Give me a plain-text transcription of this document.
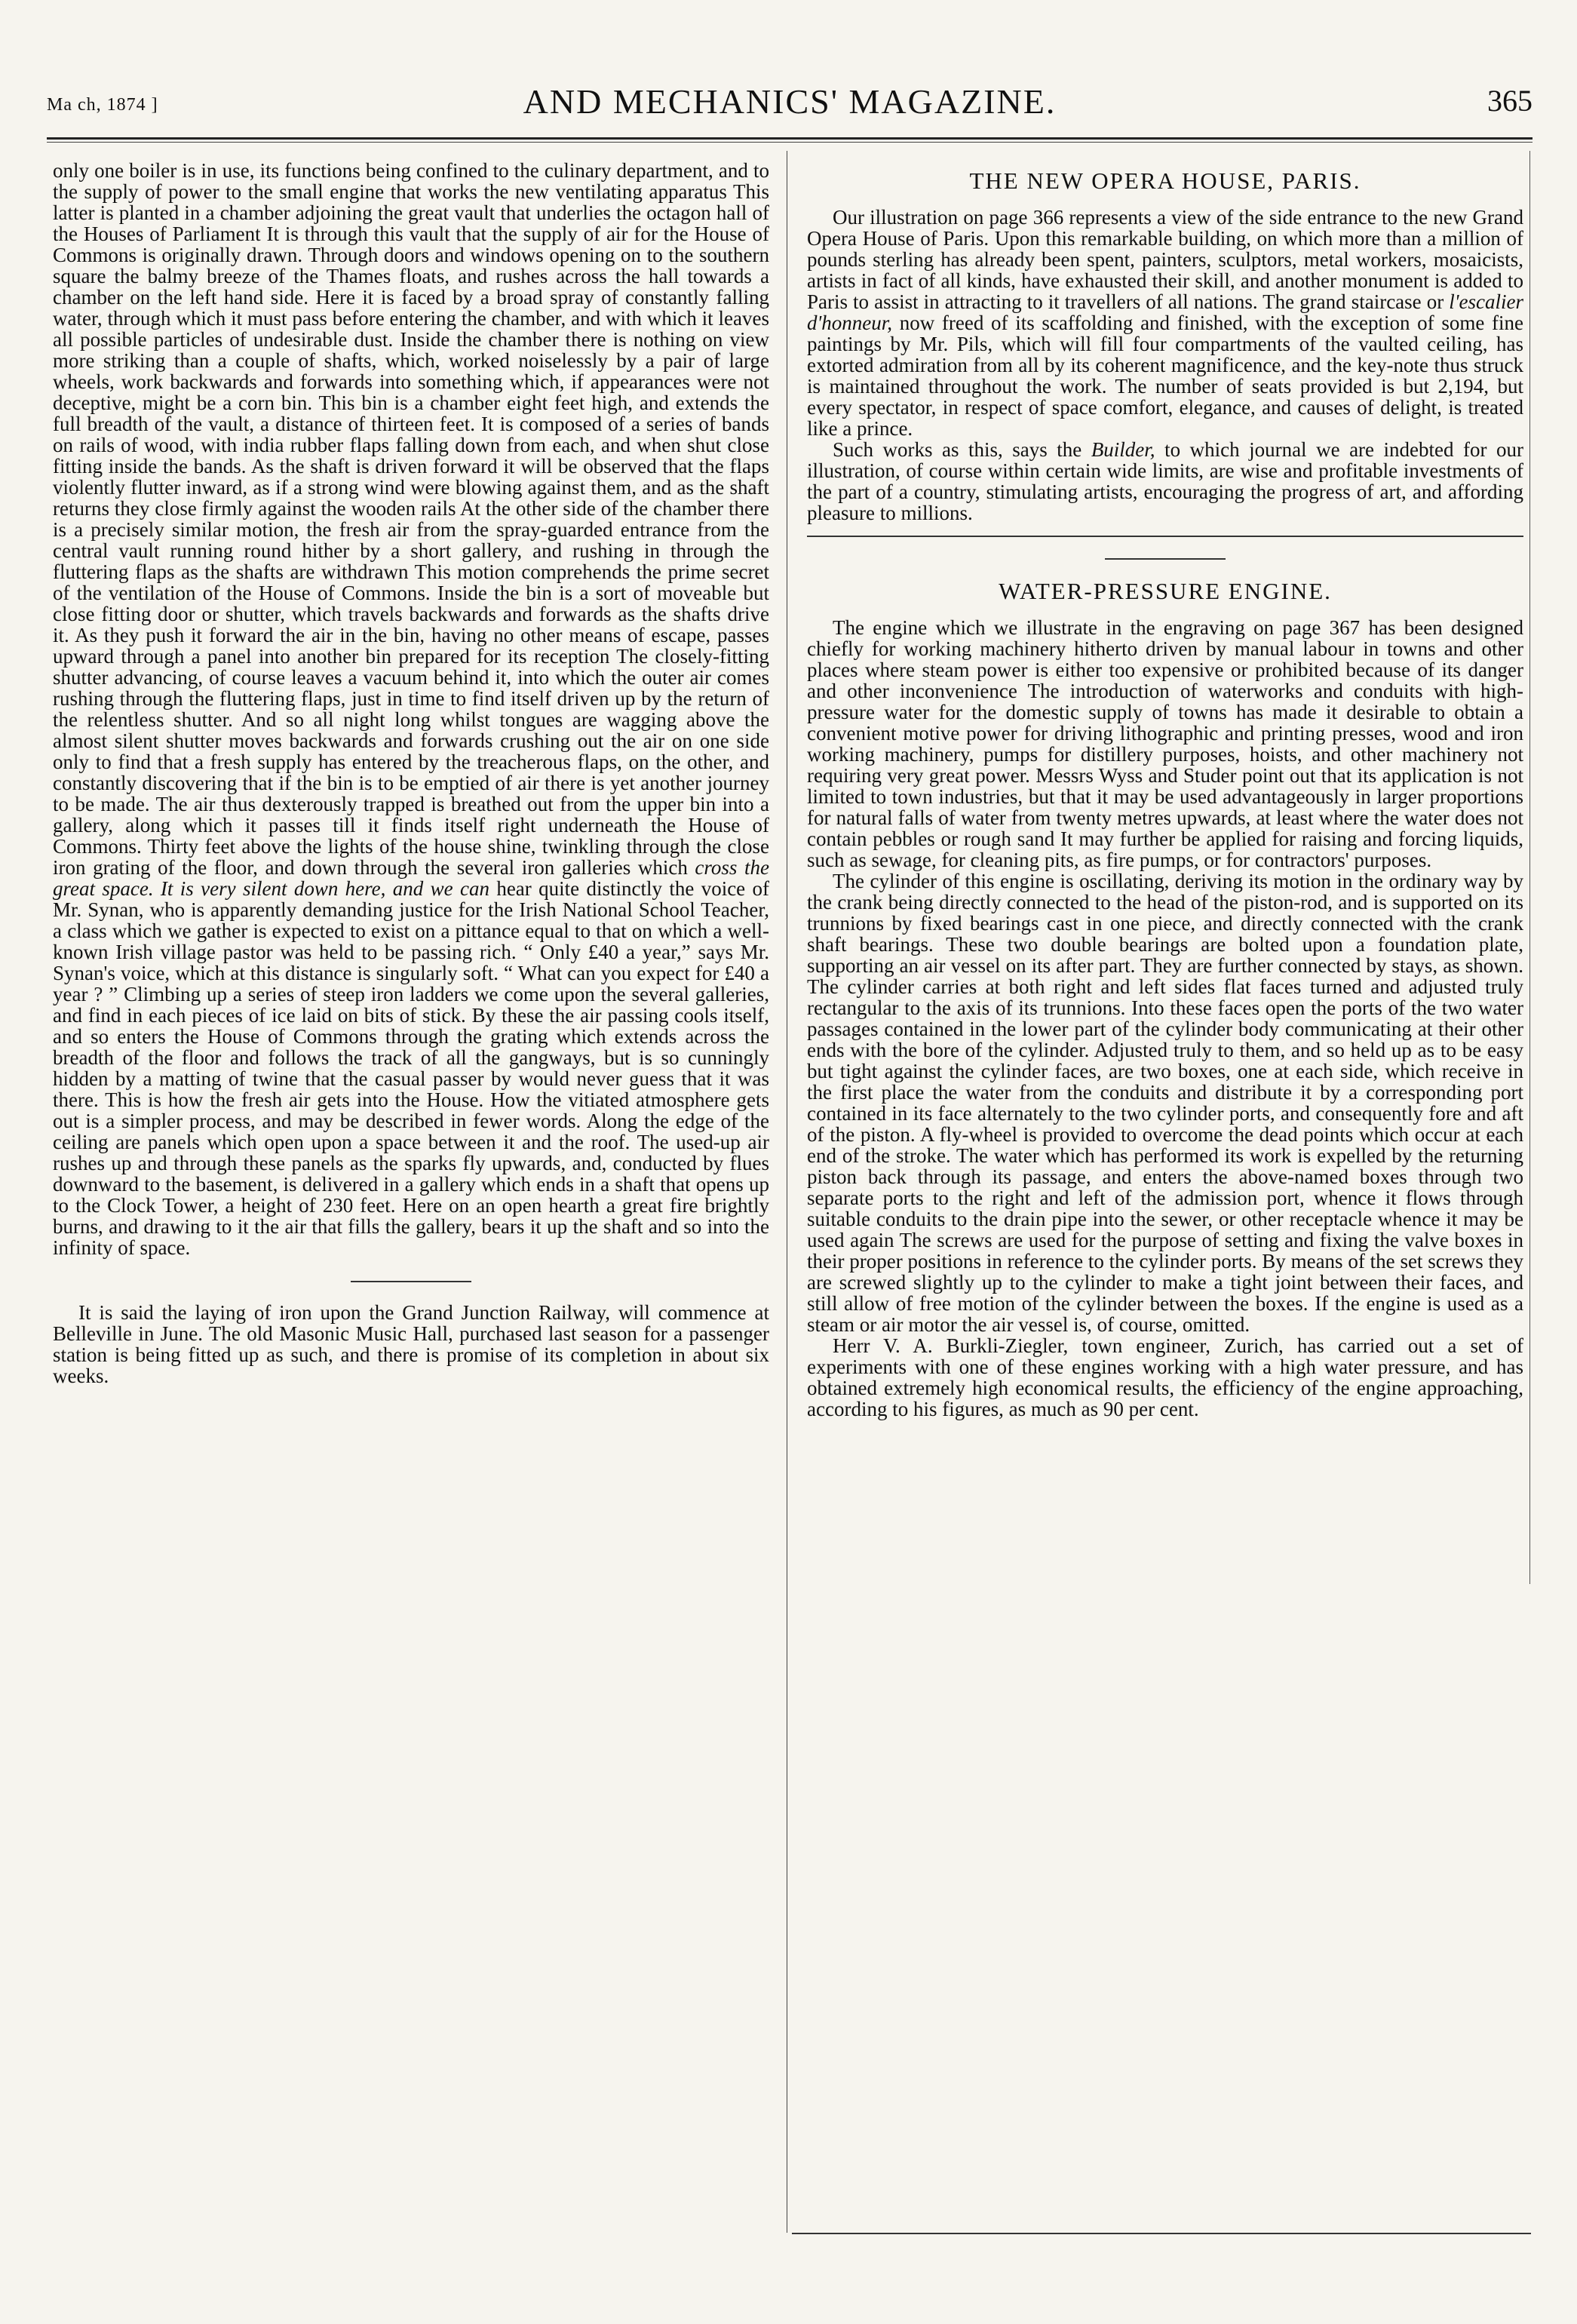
Ma ch, 1874 ]	AND MECHANICS' MAGAZINE.	365

only one boiler is in use, its functions being confined to the culinary department, and to the supply of power to the small engine that works the new ventilating apparatus This latter is planted in a chamber adjoining the great vault that underlies the octagon hall of the Houses of Parliament It is through this vault that the supply of air for the House of Commons is originally drawn. Through doors and windows opening on to the southern square the balmy breeze of the Thames floats, and rushes across the hall towards a chamber on the left hand side. Here it is faced by a broad spray of constantly falling water, through which it must pass before entering the chamber, and with which it leaves all possible particles of undesirable dust. Inside the chamber there is nothing on view more striking than a couple of shafts, which, worked noiselessly by a pair of large wheels, work backwards and forwards into something which, if appearances were not deceptive, might be a corn bin. This bin is a chamber eight feet high, and extends the full breadth of the vault, a distance of thirteen feet. It is composed of a series of bands on rails of wood, with india rubber flaps falling down from each, and when shut close fitting inside the bands. As the shaft is driven forward it will be observed that the flaps violently flutter inward, as if a strong wind were blowing against them, and as the shaft returns they close firmly against the wooden rails At the other side of the chamber there is a precisely similar motion, the fresh air from the spray-guarded entrance from the central vault running round hither by a short gallery, and rushing in through the fluttering flaps as the shafts are withdrawn This motion comprehends the prime secret of the ventilation of the House of Commons. Inside the bin is a sort of moveable but close fitting door or shutter, which travels backwards and forwards as the shafts drive it. As they push it forward the air in the bin, having no other means of escape, passes upward through a panel into another bin prepared for its reception The closely-fitting shutter advancing, of course leaves a vacuum behind it, into which the outer air comes rushing through the fluttering flaps, just in time to find itself driven up by the return of the relentless shutter. And so all night long whilst tongues are wagging above the almost silent shutter moves backwards and forwards crushing out the air on one side only to find that a fresh supply has entered by the treacherous flaps, on the other, and constantly discovering that if the bin is to be emptied of air there is yet another journey to be made. The air thus dexterously trapped is breathed out from the upper bin into a gallery, along which it passes till it finds itself right underneath the House of Commons. Thirty feet above the lights of the house shine, twinkling through the close iron grating of the floor, and down through the several iron galleries which cross the great space. It is very silent down here, and we can hear quite distinctly the voice of Mr. Synan, who is apparently demanding justice for the Irish National School Teacher, a class which we gather is expected to exist on a pittance equal to that on which a well-known Irish village pastor was held to be passing rich. “ Only £40 a year,” says Mr. Synan's voice, which at this distance is singularly soft. “ What can you expect for £40 a year ? ” Climbing up a series of steep iron ladders we come upon the several galleries, and find in each pieces of ice laid on bits of stick. By these the air passing cools itself, and so enters the House of Commons through the grating which extends across the breadth of the floor and follows the track of all the gangways, but is so cunningly hidden by a matting of twine that the casual passer by would never guess that it was there. This is how the fresh air gets into the House. How the vitiated atmosphere gets out is a simpler process, and may be described in fewer words. Along the edge of the ceiling are panels which open upon a space between it and the roof. The used-up air rushes up and through these panels as the sparks fly upwards, and, conducted by flues downward to the basement, is delivered in a gallery which ends in a shaft that opens up to the Clock Tower, a height of 230 feet. Here on an open hearth a great fire brightly burns, and drawing to it the air that fills the gallery, bears it up the shaft and so into the infinity of space.

It is said the laying of iron upon the Grand Junction Railway, will commence at Belleville in June. The old Masonic Music Hall, purchased last season for a passenger station is being fitted up as such, and there is promise of its completion in about six weeks.

THE NEW OPERA HOUSE, PARIS.

Our illustration on page 366 represents a view of the side entrance to the new Grand Opera House of Paris. Upon this remarkable building, on which more than a million of pounds sterling has already been spent, painters, sculptors, metal workers, mosaicists, artists in fact of all kinds, have exhausted their skill, and another monument is added to Paris to assist in attracting to it travellers of all nations. The grand staircase or l'escalier d'honneur, now freed of its scaffolding and finished, with the exception of some fine paintings by Mr. Pils, which will fill four compartments of the vaulted ceiling, has extorted admiration from all by its coherent magnificence, and the key-note thus struck is maintained throughout the work. The number of seats provided is but 2,194, but every spectator, in respect of space comfort, elegance, and causes of delight, is treated like a prince.

Such works as this, says the Builder, to which journal we are indebted for our illustration, of course within certain wide limits, are wise and profitable investments of the part of a country, stimulating artists, encouraging the progress of art, and affording pleasure to millions.

WATER-PRESSURE ENGINE.

The engine which we illustrate in the engraving on page 367 has been designed chiefly for working machinery hitherto driven by manual labour in towns and other places where steam power is either too expensive or prohibited because of its danger and other inconvenience The introduction of waterworks and conduits with high-pressure water for the domestic supply of towns has made it desirable to obtain a convenient motive power for driving lithographic and printing presses, wood and iron working machinery, pumps for distillery purposes, hoists, and other machinery not requiring very great power. Messrs Wyss and Studer point out that its application is not limited to town industries, but that it may be used advantageously in larger proportions for natural falls of water from twenty metres upwards, at least where the water does not contain pebbles or rough sand It may further be applied for raising and forcing liquids, such as sewage, for cleaning pits, as fire pumps, or for contractors' purposes.

The cylinder of this engine is oscillating, deriving its motion in the ordinary way by the crank being directly connected to the head of the piston-rod, and is supported on its trunnions by fixed bearings cast in one piece, and directly connected with the crank shaft bearings. These two double bearings are bolted upon a foundation plate, supporting an air vessel on its after part. They are further connected by stays, as shown. The cylinder carries at both right and left sides flat faces turned and adjusted truly rectangular to the axis of its trunnions. Into these faces open the ports of the two water passages contained in the lower part of the cylinder body communicating at their other ends with the bore of the cylinder. Adjusted truly to them, and so held up as to be easy but tight against the cylinder faces, are two boxes, one at each side, which receive in the first place the water from the conduits and distribute it by a corresponding port contained in its face alternately to the two cylinder ports, and consequently fore and aft of the piston. A fly-wheel is provided to overcome the dead points which occur at each end of the stroke. The water which has performed its work is expelled by the returning piston back through its passage, and enters the above-named boxes through two separate ports to the right and left of the admission port, whence it flows through suitable conduits to the drain pipe into the sewer, or other receptacle whence it may be used again The screws are used for the purpose of setting and fixing the valve boxes in their proper positions in reference to the cylinder ports. By means of the set screws they are screwed slightly up to the cylinder to make a tight joint between their faces, and still allow of free motion of the cylinder between the boxes. If the engine is used as a steam or air motor the air vessel is, of course, omitted.

Herr V. A. Burkli-Ziegler, town engineer, Zurich, has carried out a set of experiments with one of these engines working with a high water pressure, and has obtained extremely high economical results, the efficiency of the engine approaching, according to his figures, as much as 90 per cent.
